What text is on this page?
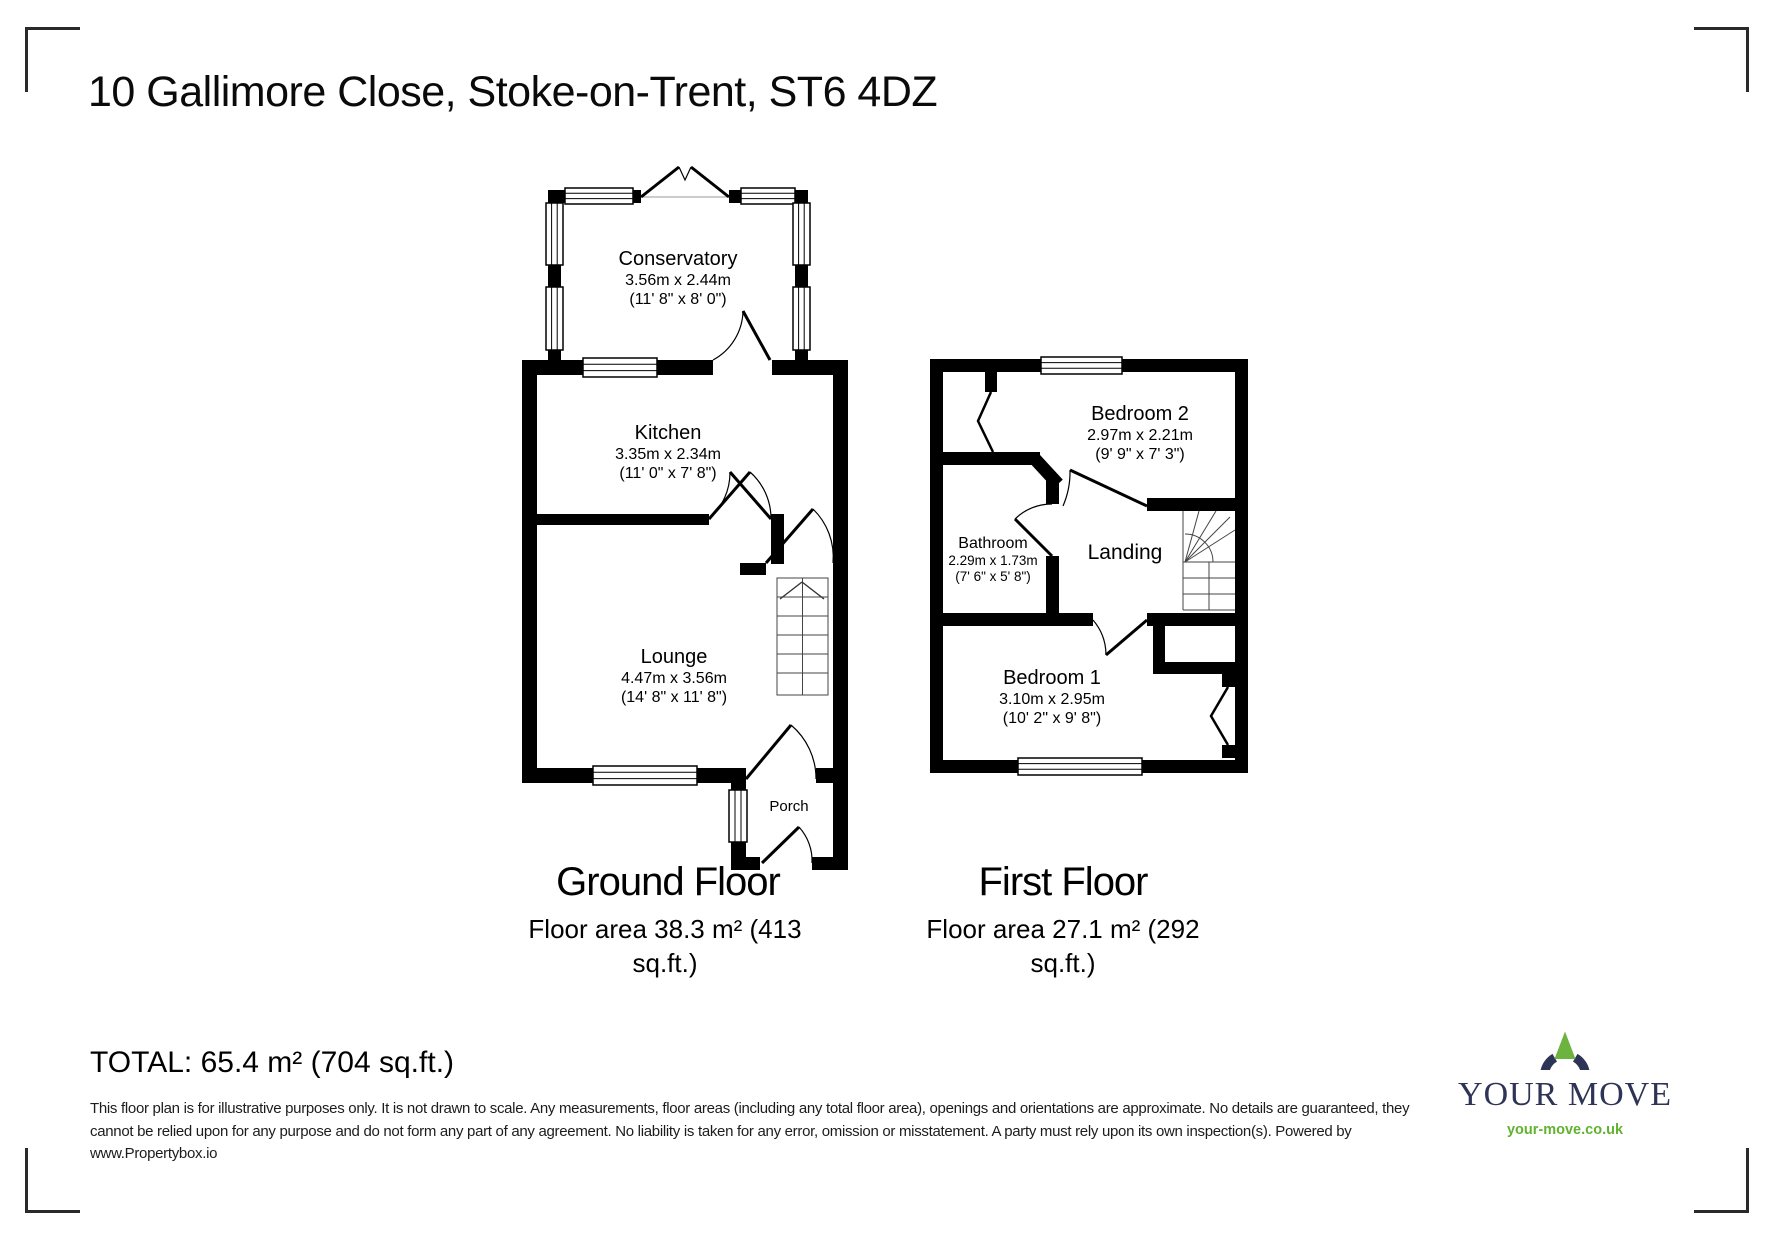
10 Gallimore Close, Stoke-on-Trent, ST6 4DZ
Conservatory
3.56m x 2.44m
(11' 8" x 8' 0")
Kitchen
3.35m x 2.34m
(11' 0" x 7' 8")
Lounge
4.47m x 3.56m
(14' 8" x 11' 8")
Porch
Bedroom 2
2.97m x 2.21m
(9' 9" x 7' 3")
Bathroom
2.29m x 1.73m
(7' 6" x 5' 8")
Landing
Bedroom 1
3.10m x 2.95m
(10' 2" x 9' 8")
Ground Floor	First Floor
Floor area 38.3 m² (413 sq.ft.)
Floor area 27.1 m² (292 sq.ft.)
TOTAL: 65.4 m² (704 sq.ft.)
This floor plan is for illustrative purposes only. It is not drawn to scale. Any measurements, floor areas (including any total floor area), openings and orientations are approximate. No details are guaranteed, they cannot be relied upon for any purpose and do not form any part of any agreement. No liability is taken for any error, omission or misstatement. A party must rely upon its own inspection(s). Powered by www.Propertybox.io
YOUR MOVE
your-move.co.uk
